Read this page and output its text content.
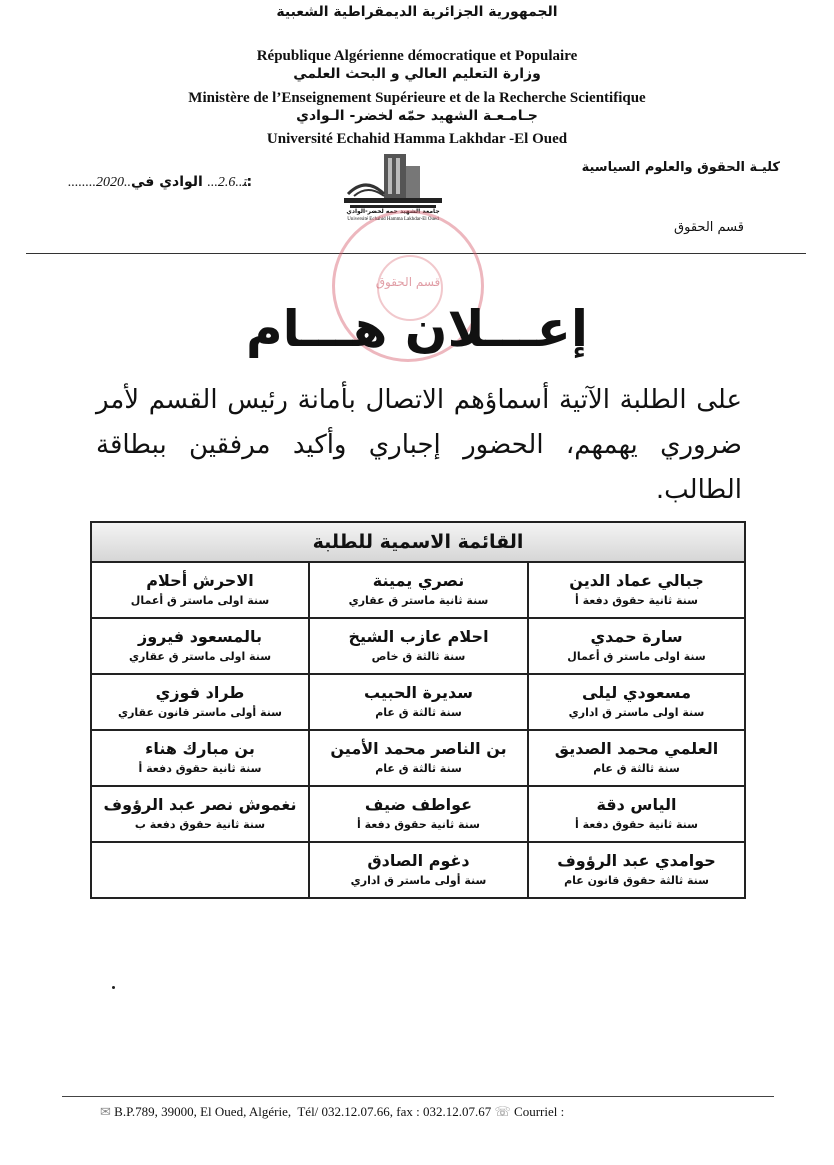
الجمهورية الجزائرية الديمقراطية الشعبية
République Algérienne démocratique et Populaire
وزارة التعليم العالي و البحث العلمي
Ministère de l’Enseignement Supérieure et de la Recherche Scientifique
جـامـعـة الشهيد حمّه لخضر- الـوادي
Université Echahid Hamma Lakhdar -El Oued
كليـة الحقوق والعلوم السياسية
قسم الحقوق
........2020..ﺘ..2.6... الوادي في:
جامعة الشهيد حمه لخضر-الوادي
Université Echahid Hamma Lakhdar-El Oued
قسم الحقوق
إعـــلان هـــام
على الطلبة الآتية أسماؤهم الاتصال بأمانة رئيس القسم لأمر ضروري يهمهم، الحضور إجباري وأكيد مرفقين ببطاقة الطالب.
القائمة الاسمية للطلبة
جبالي عماد الدين
سنة ثانية حقوق دفعة أ
نصري يمينة
سنة ثانية ماستر ق عقاري
الاحرش أحلام
سنة اولى ماستر ق أعمال
سارة حمدي
سنة اولى ماستر ق أعمال
احلام عازب الشيخ
سنة ثالثة ق خاص
بالمسعود فيروز
سنة اولى ماستر ق عقاري
مسعودي ليلى
سنة اولى ماستر ق اداري
سديرة الحبيب
سنة ثالثة ق عام
طراد فوزي
سنة أولى ماستر قانون عقاري
العلمي محمد الصديق
سنة ثالثة ق عام
بن الناصر محمد الأمين
سنة ثالثة ق عام
بن مبارك هناء
سنة ثانية حقوق دفعة أ
الياس دقة
سنة ثانية حقوق دفعة أ
عواطف ضيف
سنة ثانية حقوق دفعة أ
نغموش نصر عبد الرؤوف
سنة ثانية حقوق دفعة ب
حوامدي عبد الرؤوف
سنة ثالثة حقوق قانون عام
دغوم الصادق
سنة أولى ماستر ق اداري
✉ B.P.789, 39000, El Oued, Algérie, Tél/ 032.12.07.66, fax : 032.12.07.67 ☏ Courriel :
